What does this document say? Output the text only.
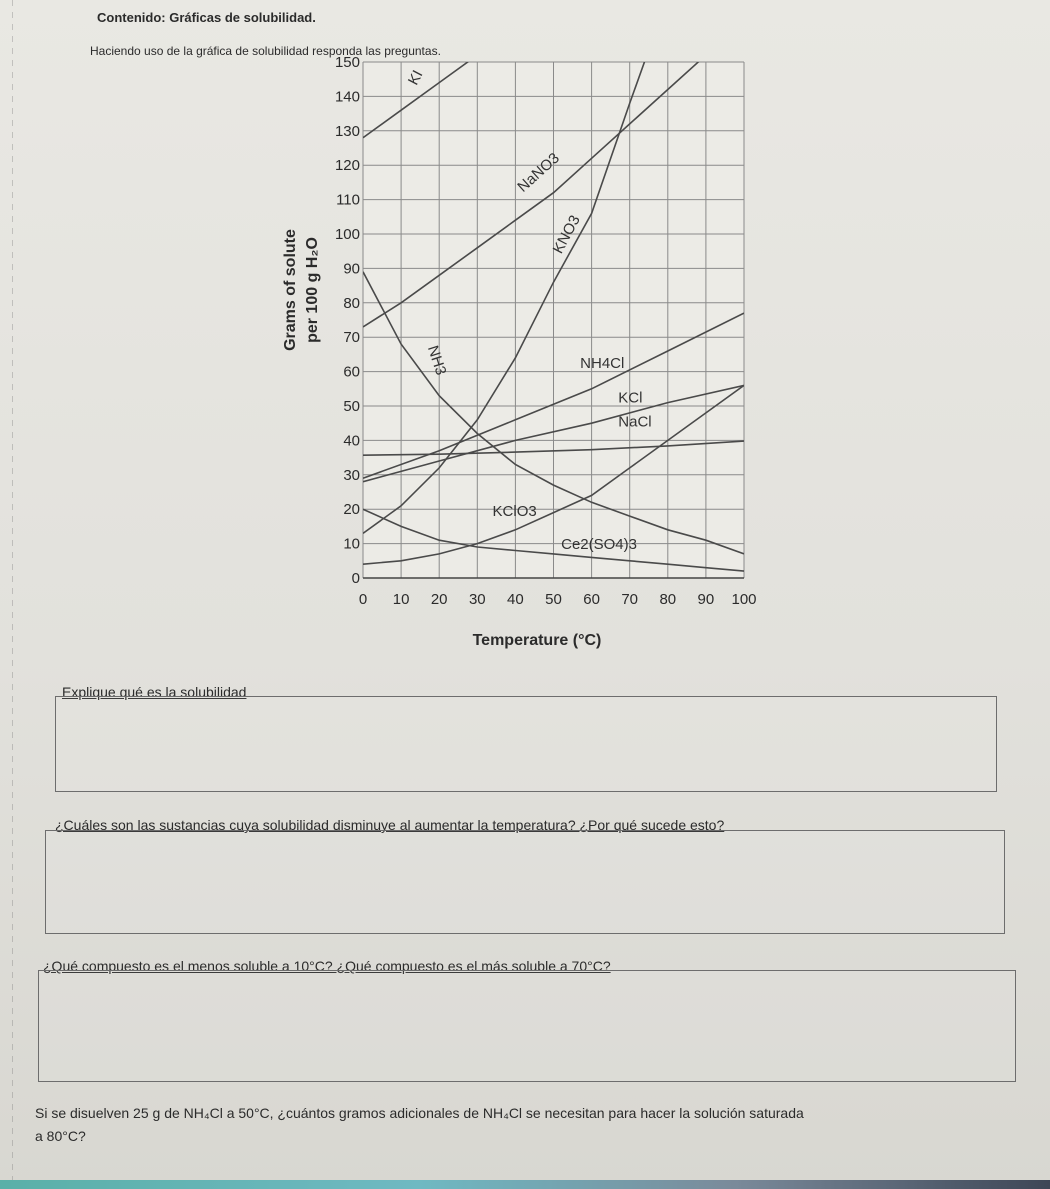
Contenido: Gráficas de solubilidad.
Haciendo uso de la gráfica de solubilidad responda las preguntas.
0 10 20 30 40 50 60 70 80 90 100
0
10
20
30
40
50
60
70
80
90
100
110
120
130
140
150
KI
NaNO3
KNO3
NH3	NH4Cl
KCl
NaCl
KClO3
Ce2(SO4)3
Temperature (°C)
Grams of solute per 100 g H₂O
Explique qué es la solubilidad
¿Cuáles son las sustancias cuya solubilidad disminuye al aumentar la temperatura? ¿Por qué sucede esto?
¿Qué compuesto es el menos soluble a 10°C? ¿Qué compuesto es el más soluble a 70°C?
Si se disuelven 25 g de NH₄Cl a 50°C, ¿cuántos gramos adicionales de NH₄Cl se necesitan para hacer la solución saturada
a 80°C?
